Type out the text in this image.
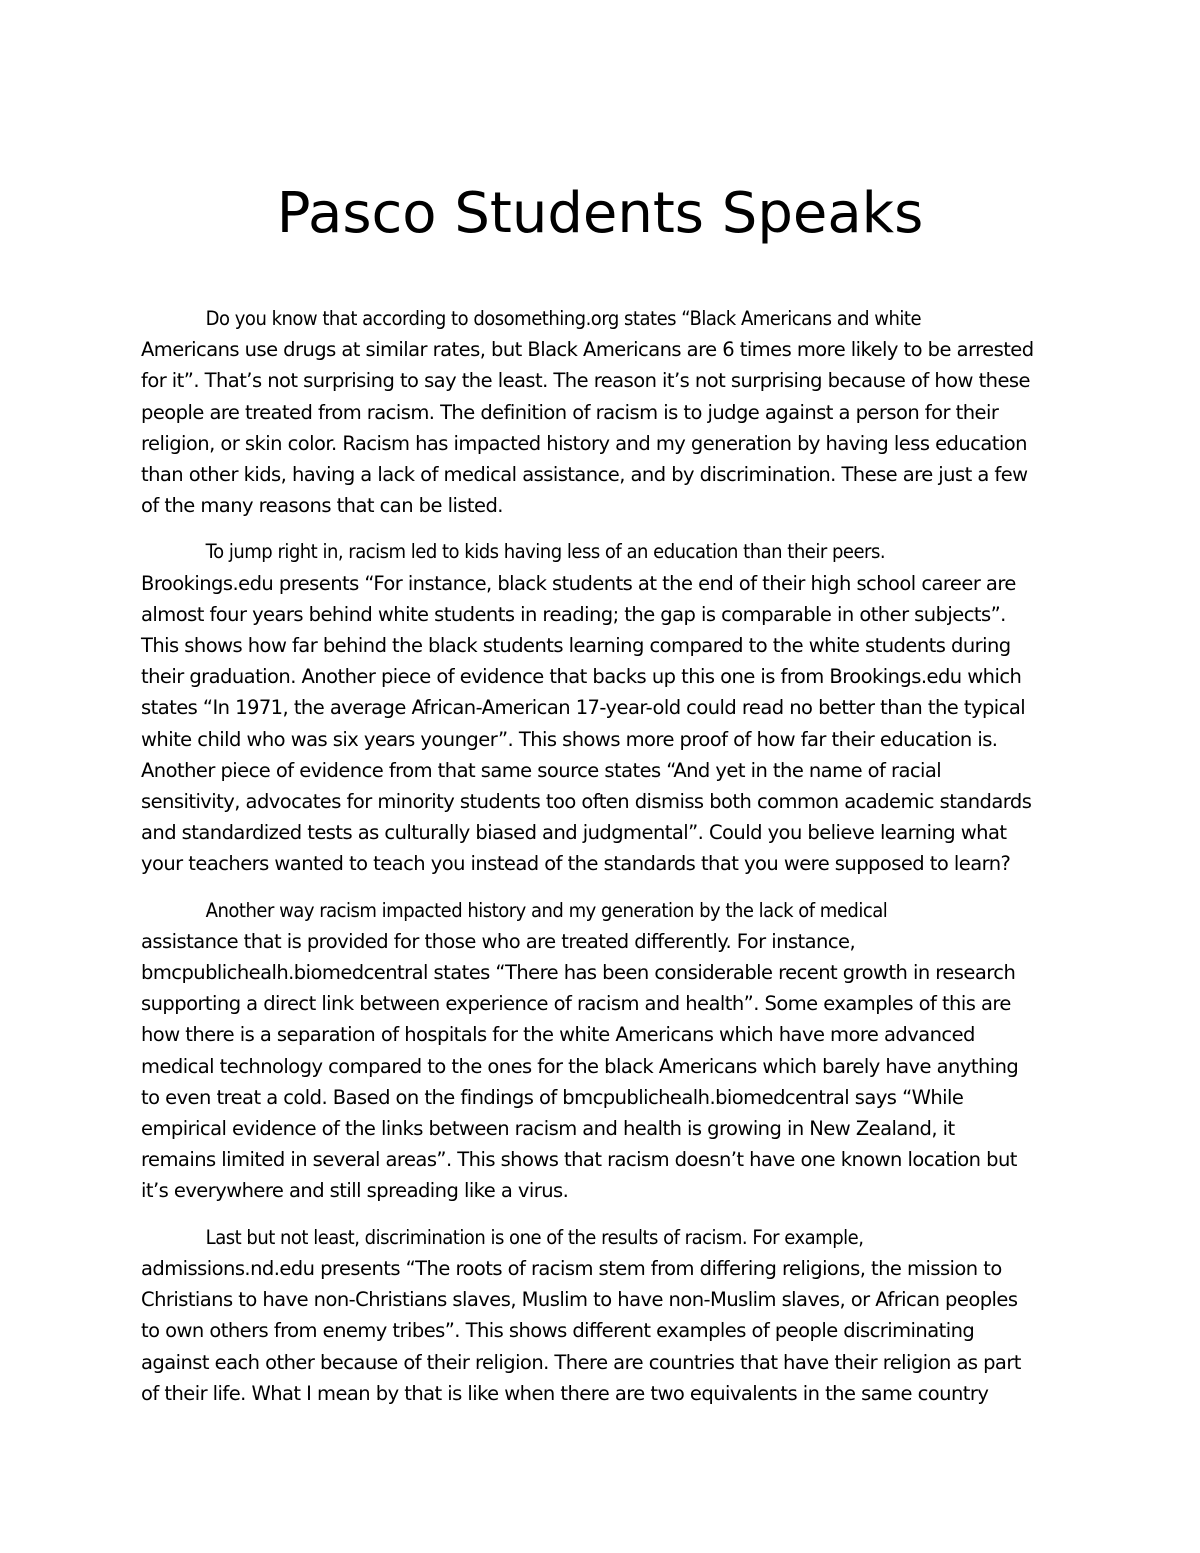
Pasco Students Speaks

Do you know that according to dosomething.org states “Black Americans and white
Americans use drugs at similar rates, but Black Americans are 6 times more likely to be arrested
for it”. That’s not surprising to say the least. The reason it’s not surprising because of how these
people are treated from racism. The definition of racism is to judge against a person for their
religion, or skin color. Racism has impacted history and my generation by having less education
than other kids, having a lack of medical assistance, and by discrimination. These are just a few
of the many reasons that can be listed.

To jump right in, racism led to kids having less of an education than their peers.
Brookings.edu presents “For instance, black students at the end of their high school career are
almost four years behind white students in reading; the gap is comparable in other subjects”.
This shows how far behind the black students learning compared to the white students during
their graduation. Another piece of evidence that backs up this one is from Brookings.edu which
states “In 1971, the average African-American 17-year-old could read no better than the typical
white child who was six years younger”. This shows more proof of how far their education is.
Another piece of evidence from that same source states “And yet in the name of racial
sensitivity, advocates for minority students too often dismiss both common academic standards
and standardized tests as culturally biased and judgmental”. Could you believe learning what
your teachers wanted to teach you instead of the standards that you were supposed to learn?

Another way racism impacted history and my generation by the lack of medical
assistance that is provided for those who are treated differently. For instance,
bmcpublichealh.biomedcentral states “There has been considerable recent growth in research
supporting a direct link between experience of racism and health”. Some examples of this are
how there is a separation of hospitals for the white Americans which have more advanced
medical technology compared to the ones for the black Americans which barely have anything
to even treat a cold. Based on the findings of bmcpublichealh.biomedcentral says “While
empirical evidence of the links between racism and health is growing in New Zealand, it
remains limited in several areas”. This shows that racism doesn’t have one known location but
it’s everywhere and still spreading like a virus.

Last but not least, discrimination is one of the results of racism. For example,
admissions.nd.edu presents “The roots of racism stem from differing religions, the mission to
Christians to have non-Christians slaves, Muslim to have non-Muslim slaves, or African peoples
to own others from enemy tribes”. This shows different examples of people discriminating
against each other because of their religion. There are countries that have their religion as part
of their life. What I mean by that is like when there are two equivalents in the same country
